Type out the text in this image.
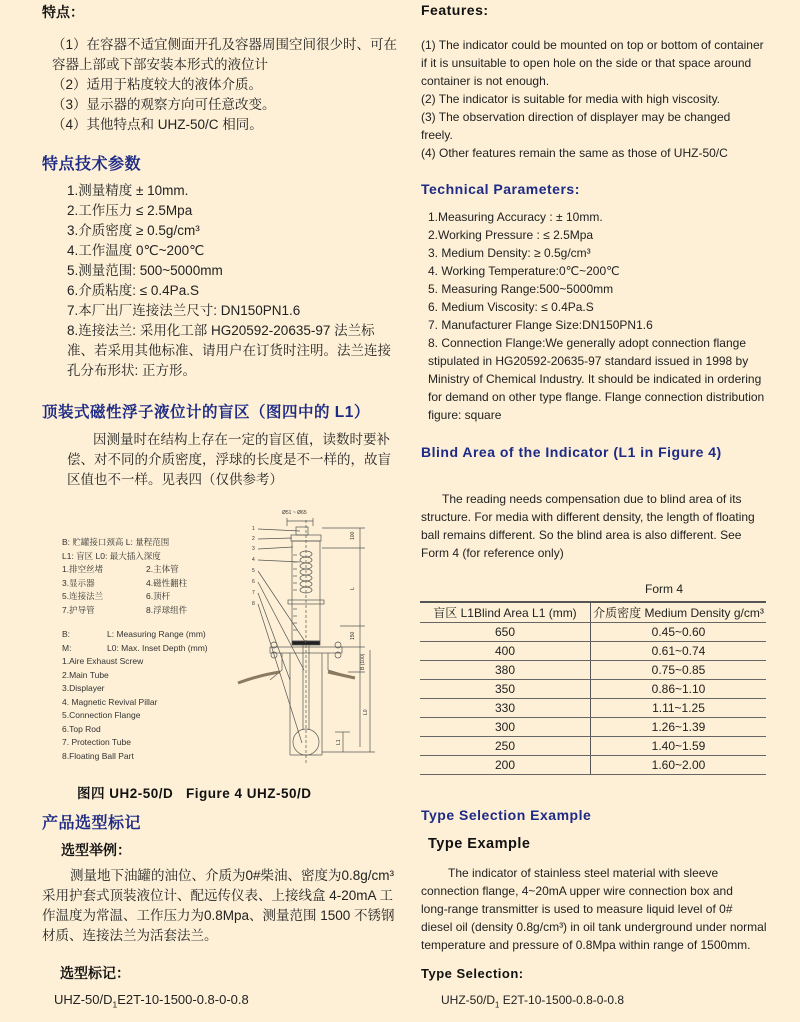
特点：
（1）在容器不适宜侧面开孔及容器周围空间很少时、可在
容器上部或下部安装本形式的液位计
（2）适用于粘度较大的液体介质。
（3）显示器的观察方向可任意改变。
（4）其他特点和 UHZ-50/C 相同。
特点技术参数
1.测量精度 ± 10mm.
2.工作压力 ≤ 2.5Mpa
3.介质密度 ≥ 0.5g/cm³
4.工作温度 0℃~200℃
5.测量范围: 500~5000mm
6.介质粘度: ≤ 0.4Pa.S
7.本厂出厂连接法兰尺寸: DN150PN1.6
8.连接法兰: 采用化工部 HG20592-20635-97 法兰标
准、若采用其他标准、请用户在订货时注明。法兰连接
孔分布形状: 正方形。
顶装式磁性浮子液位计的盲区（图四中的 L1）
因测量时在结构上存在一定的盲区值，读数时要补
偿、对不同的介质密度，浮球的长度是不一样的，故盲
区值也不一样。见表四（仅供参考）
B: 贮罐接口颈高 L: 量程范围
L1: 盲区 L0: 最大插入深度
1.排空丝堵	2.主体管
3.显示器	4.磁性翻柱
5.连接法兰	6.顶杆
7.护导管	8.浮球组件
B:	L: Measuring Range (mm)
M:	L0: Max. Inset Depth (mm)
1.Aire Exhaust Screw
2.Main Tube
3.Displayer
4. Magnetic Revival Pillar
5.Connection Flange
6.Top Rod
7. Protection Tube
8.Floating Ball Part
Ø51 ~ Ø65
1
2
3
4
5
6
7
8
100
L
150
B (100)
L0
L1
图四 UH2-50/D   Figure 4 UHZ-50/D
产品选型标记
选型举例：
测量地下油罐的油位、介质为0#柴油、密度为0.8g/cm³
采用护套式顶装液位计、配远传仪表、上接线盒 4-20mA 工
作温度为常温、工作压力为0.8Mpa、测量范围 1500 不锈钢
材质、连接法兰为活套法兰。
选型标记：
UHZ-$50/D_1E2T-10-1500-0.8-0-0.8$
Features:
(1) The indicator could be mounted on top or bottom of container
if it is unsuitable to open hole on the side or that space around
container is not enough.
(2) The indicator is suitable for media with high viscosity.
(3) The observation direction of displayer may be changed
freely.
(4) Other features remain the same as those of UHZ-50/C
Technical Parameters:
1.Measuring Accuracy : ± 10mm.
2.Working Pressure : ≤ 2.5Mpa
3. Medium Density: ≥ 0.5g/cm³
4. Working Temperature:0℃~200℃
5. Measuring Range:500~5000mm
6. Medium Viscosity: ≤ 0.4Pa.S
7. Manufacturer Flange Size:DN150PN1.6
8. Connection Flange:We generally adopt connection flange
stipulated in HG20592-20635-97 standard issued in 1998 by
Ministry of Chemical Industry. It should be indicated in ordering
for demand on other type flange. Flange connection distribution
figure: square
Blind Area of the Indicator (L1 in Figure 4)
The reading needs compensation due to blind area of its
structure. For media with different density, the length of floating
ball remains different. So the blind area is also different. See
Form 4 (for reference only)
Form 4
盲区 L1Blind Area L1 (mm)	介质密度 Medium Density g/cm³
650	0.45~0.60
400	0.61~0.74
380	0.75~0.85
350	0.86~1.10
330	1.11~1.25
300	1.26~1.39
250	1.40~1.59
200	1.60~2.00
Type Selection Example
Type Example
The indicator of stainless steel material with sleeve
connection flange, 4~20mA upper wire connection box and
long-range transmitter is used to measure liquid level of 0#
diesel oil (density 0.8g/cm³) in oil tank underground under normal
temperature and pressure of 0.8Mpa within range of 1500mm.
Type Selection:
UHZ-$50/D_1$ E2T-10-1500-0.8-0-0.8
